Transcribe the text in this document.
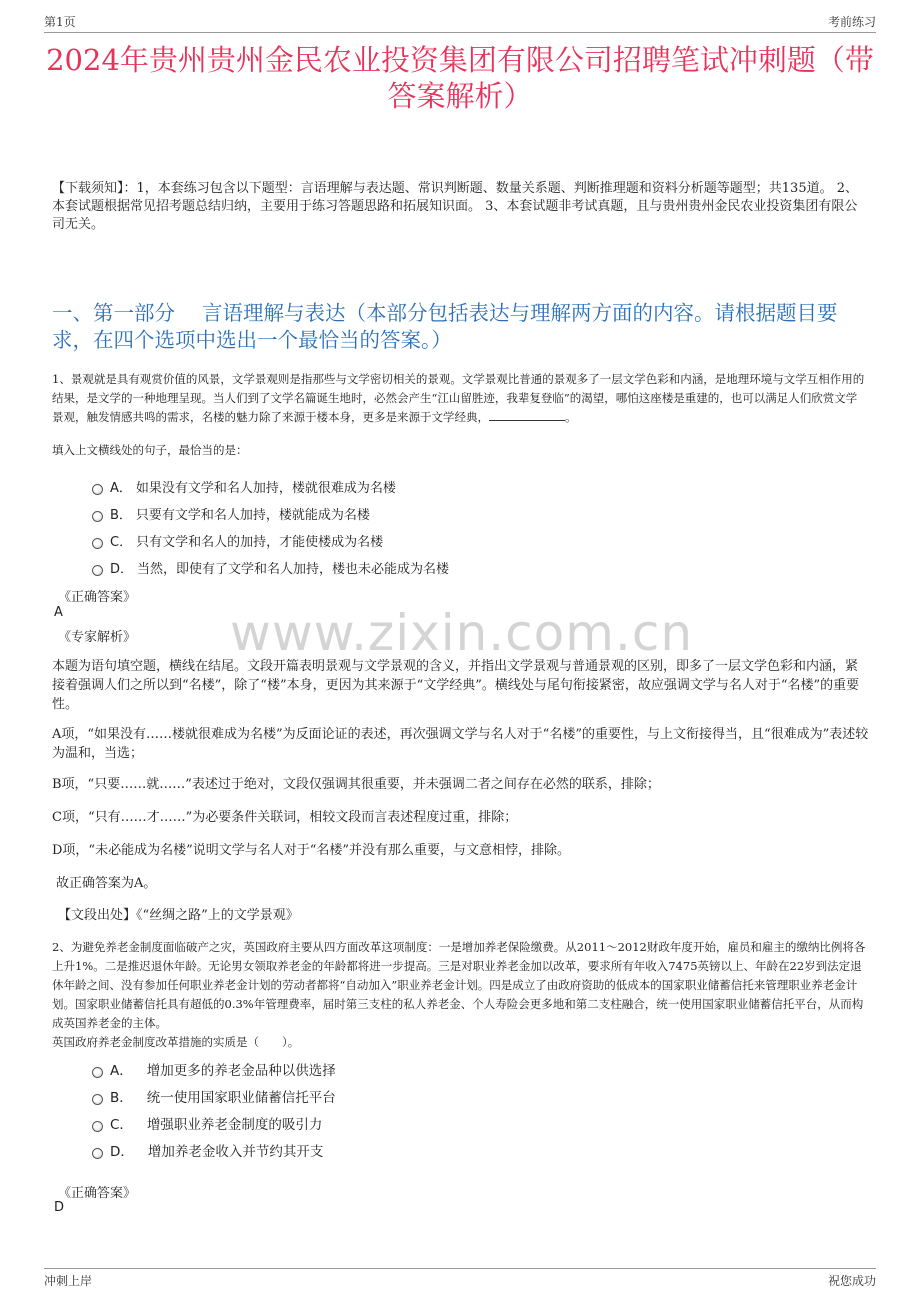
第1页	考前练习
2024年贵州贵州金民农业投资集团有限公司招聘笔试冲刺题（带答案解析）
【下载须知】：1，本套练习包含以下题型：言语理解与表达题、常识判断题、数量关系题、判断推理题和资料分析题等题型；共135道。 2、本套试题根据常见招考题总结归纳，主要用于练习答题思路和拓展知识面。 3、本套试题非考试真题，且与贵州贵州金民农业投资集团有限公司无关。
一、第一部分　 言语理解与表达（本部分包括表达与理解两方面的内容。请根据题目要求，在四个选项中选出一个最恰当的答案。）
www.zixin.com.cn
1、景观就是具有观赏价值的风景，文学景观则是指那些与文学密切相关的景观。文学景观比普通的景观多了一层文学色彩和内涵，是地理环境与文学互相作用的结果，是文学的一种地理呈现。当人们到了文学名篇诞生地时，必然会产生“江山留胜迹，我辈复登临”的渴望，哪怕这座楼是重建的，也可以满足人们欣赏文学景观，触发情感共鸣的需求，名楼的魅力除了来源于楼本身，更多是来源于文学经典，	。
填入上文横线处的句子，最恰当的是：
A． 如果没有文学和名人加持，楼就很难成为名楼
B． 只要有文学和名人加持，楼就能成为名楼
C． 只有文学和名人的加持，才能使楼成为名楼
D． 当然，即使有了文学和名人加持，楼也未必能成为名楼
《正确答案》
A
《专家解析》
本题为语句填空题，横线在结尾。文段开篇表明景观与文学景观的含义，并指出文学景观与普通景观的区别，即多了一层文学色彩和内涵，紧接着强调人们之所以到“名楼”，除了“楼”本身，更因为其来源于“文学经典”。横线处与尾句衔接紧密，故应强调文学与名人对于“名楼”的重要性。
A项，“如果没有……楼就很难成为名楼”为反面论证的表述，再次强调文学与名人对于“名楼”的重要性，与上文衔接得当，且“很难成为”表述较为温和，当选；
B项，“只要……就……”表述过于绝对，文段仅强调其很重要，并未强调二者之间存在必然的联系，排除；
C项，“只有……才……”为必要条件关联词，相较文段而言表述程度过重，排除；
D项，“未必能成为名楼”说明文学与名人对于“名楼”并没有那么重要，与文意相悖，排除。
故正确答案为A。
【文段出处】《“丝绸之路”上的文学景观》
2、为避免养老金制度面临破产之灾，英国政府主要从四方面改革这项制度：一是增加养老保险缴费。从2011～2012财政年度开始，雇员和雇主的缴纳比例将各上升1%。二是推迟退休年龄。无论男女领取养老金的年龄都将进一步提高。三是对职业养老金加以改革，要求所有年收入7475英镑以上、年龄在22岁到法定退休年龄之间、没有参加任何职业养老金计划的劳动者都将“自动加入”职业养老金计划。四是成立了由政府资助的低成本的国家职业储蓄信托来管理职业养老金计划。国家职业储蓄信托具有超低的0.3%年管理费率，届时第三支柱的私人养老金、个人寿险会更多地和第二支柱融合，统一使用国家职业储蓄信托平台，从而构成英国养老金的主体。
英国政府养老金制度改革措施的实质是（　　）。
A． 增加更多的养老金品种以供选择
B． 统一使用国家职业储蓄信托平台
C． 增强职业养老金制度的吸引力
D． 增加养老金收入并节约其开支
《正确答案》
D
冲刺上岸	祝您成功
